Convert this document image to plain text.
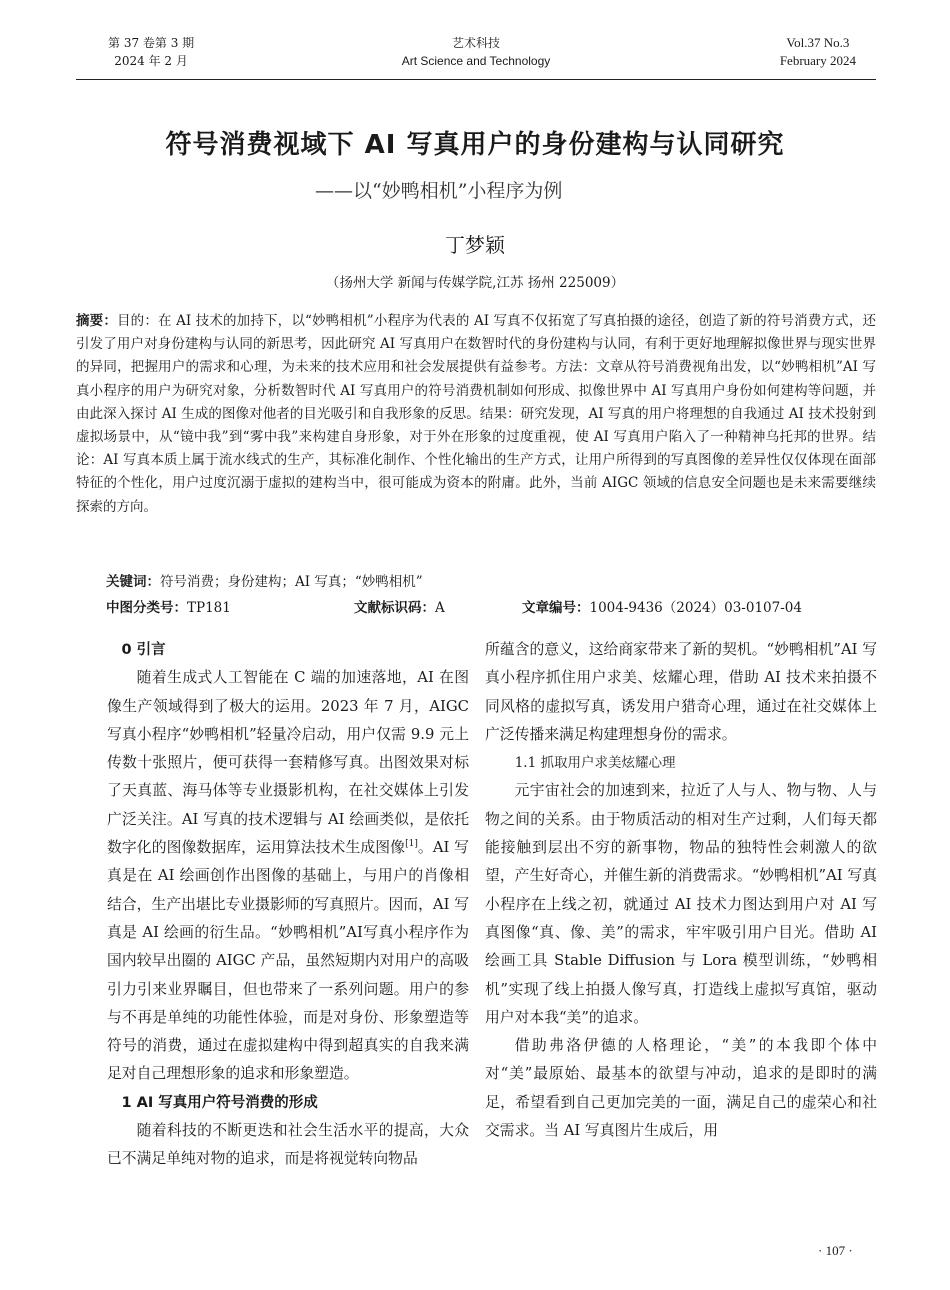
第 37 卷第 3 期
2024 年 2 月
艺术科技
Art Science and Technology
Vol.37 No.3
February 2024
符号消费视域下 AI 写真用户的身份建构与认同研究
——以“妙鸭相机”小程序为例
丁梦颖
（扬州大学 新闻与传媒学院,江苏 扬州 225009）

摘要：目的：在 AI 技术的加持下，以“妙鸭相机”小程序为代表的 AI 写真不仅拓宽了写真拍摄的途径，创造了新的符号消费方式，还引发了用户对身份建构与认同的新思考，因此研究 AI 写真用户在数智时代的身份建构与认同，有利于更好地理解拟像世界与现实世界的异同，把握用户的需求和心理，为未来的技术应用和社会发展提供有益参考。方法：文章从符号消费视角出发，以“妙鸭相机”AI 写真小程序的用户为研究对象，分析数智时代 AI 写真用户的符号消费机制如何形成、拟像世界中 AI 写真用户身份如何建构等问题，并由此深入探讨 AI 生成的图像对他者的目光吸引和自我形象的反思。结果：研究发现，AI 写真的用户将理想的自我通过 AI 技术投射到虚拟场景中，从“镜中我”到“雾中我”来构建自身形象，对于外在形象的过度重视，使 AI 写真用户陷入了一种精神乌托邦的世界。结论：AI 写真本质上属于流水线式的生产，其标准化制作、个性化输出的生产方式，让用户所得到的写真图像的差异性仅仅体现在面部特征的个性化，用户过度沉溺于虚拟的建构当中，很可能成为资本的附庸。此外，当前 AIGC 领域的信息安全问题也是未来需要继续探索的方向。

关键词：符号消费；身份建构；AI 写真；“妙鸭相机”
中图分类号：TP181	文献标识码：A	文章编号：1004-9436（2024）03-0107-04
0 引言

随着生成式人工智能在 C 端的加速落地，AI 在图像生产领域得到了极大的运用。2023 年 7 月，AIGC 写真小程序“妙鸭相机”轻量冷启动，用户仅需 9.9 元上传数十张照片，便可获得一套精修写真。出图效果对标了天真蓝、海马体等专业摄影机构，在社交媒体上引发广泛关注。AI 写真的技术逻辑与 AI 绘画类似，是依托数字化的图像数据库，运用算法技术生成图像[1]。AI 写真是在 AI 绘画创作出图像的基础上，与用户的肖像相结合，生产出堪比专业摄影师的写真照片。因而，AI 写真是 AI 绘画的衍生品。“妙鸭相机”AI写真小程序作为国内较早出圈的 AIGC 产品，虽然短期内对用户的高吸引力引来业界瞩目，但也带来了一系列问题。用户的参与不再是单纯的功能性体验，而是对身份、形象塑造等符号的消费，通过在虚拟建构中得到超真实的自我来满足对自己理想形象的追求和形象塑造。

1 AI 写真用户符号消费的形成

随着科技的不断更迭和社会生活水平的提高，大众已不满足单纯对物的追求，而是将视觉转向物品

所蕴含的意义，这给商家带来了新的契机。“妙鸭相机”AI 写真小程序抓住用户求美、炫耀心理，借助 AI 技术来拍摄不同风格的虚拟写真，诱发用户猎奇心理，通过在社交媒体上广泛传播来满足构建理想身份的需求。

1.1 抓取用户求美炫耀心理

元宇宙社会的加速到来，拉近了人与人、物与物、人与物之间的关系。由于物质活动的相对生产过剩，人们每天都能接触到层出不穷的新事物，物品的独特性会刺激人的欲望，产生好奇心，并催生新的消费需求。“妙鸭相机”AI 写真小程序在上线之初，就通过 AI 技术力图达到用户对 AI 写真图像“真、像、美”的需求，牢牢吸引用户目光。借助 AI 绘画工具 Stable Diffusion 与 Lora 模型训练，“妙鸭相机”实现了线上拍摄人像写真，打造线上虚拟写真馆，驱动用户对本我“美”的追求。

借助弗洛伊德的人格理论，“美”的本我即个体中对“美”最原始、最基本的欲望与冲动，追求的是即时的满足，希望看到自己更加完美的一面，满足自己的虚荣心和社交需求。当 AI 写真图片生成后，用

· 107 ·
